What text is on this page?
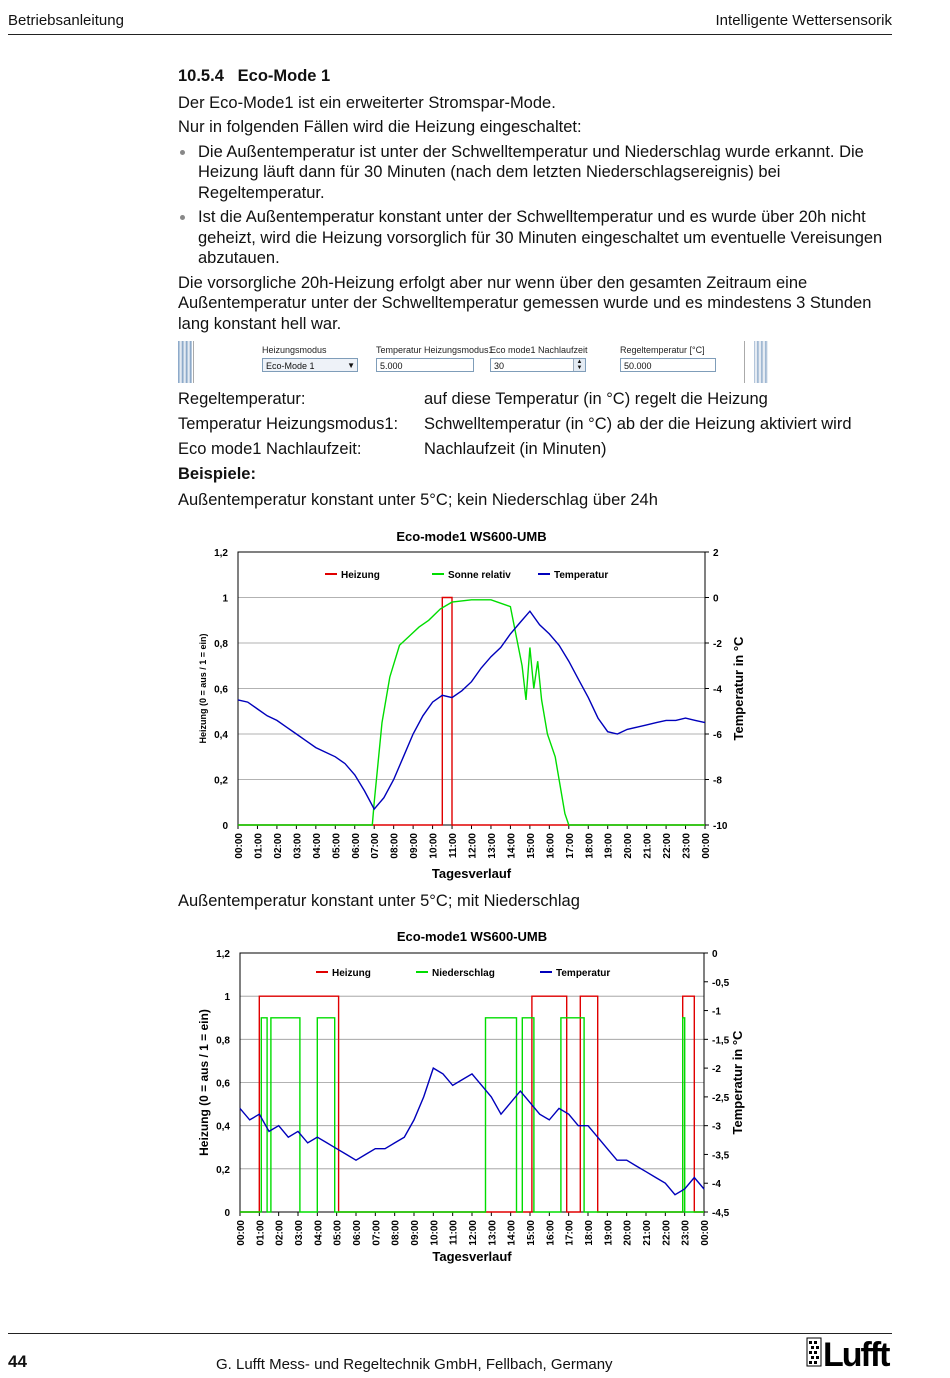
Betriebsanleitung	Intelligente Wettersensorik

10.5.4 Eco-Mode 1

Der Eco-Mode1 ist ein erweiterter Stromspar-Mode.

Nur in folgenden Fällen wird die Heizung eingeschaltet:

Die Außentemperatur ist unter der Schwelltemperatur und Niederschlag wurde erkannt. Die Heizung läuft dann für 30 Minuten (nach dem letzten Niederschlagsereignis) bei Regeltemperatur.
Ist die Außentemperatur konstant unter der Schwelltemperatur und es wurde über 20h nicht geheizt, wird die Heizung vorsorglich für 30 Minuten eingeschaltet um eventuelle Vereisungen abzutauen.

Die vorsorgliche 20h-Heizung erfolgt aber nur wenn über den gesamten Zeitraum eine Außentemperatur unter der Schwelltemperatur gemessen wurde und es mindestens 3 Stunden lang konstant hell war.

Heizungsmodus
Eco-Mode 1	▼
Temperatur Heizungsmodus1
5.000
Eco mode1 Nachlaufzeit
30	▲
▼
Regeltemperatur [°C]
50.000
Regeltemperatur:	auf diese Temperatur (in °C) regelt die Heizung
Temperatur Heizungsmodus1: Schwelltemperatur (in °C) ab der die Heizung aktiviert wird
Eco mode1 Nachlaufzeit:	Nachlaufzeit (in Minuten)
Beispiele:
Außentemperatur konstant unter 5°C; kein Niederschlag über 24h
Eco-mode1 WS600-UMB
0
0,2
0,4
0,6
0,8
1
1,2
-10
-8
-6
-4
-2
0
2
00:00 01:00 02:00 03:00 04:00 05:00 06:00 07:00 08:00 09:00 10:00 11:00 12:00 13:00 14:00 15:00 16:00 17:00 18:00 19:00 20:00 21:00 22:00 23:00 00:00
Tagesverlauf
Heizung (0 = aus / 1 = ein)	Temperatur in °C
Heizung	Sonne relativ	Temperatur
Außentemperatur konstant unter 5°C; mit Niederschlag
Eco-mode1 WS600-UMB
0
0,2
0,4
0,6
0,8
1
1,2
-4,5
-4
-3,5
-3
-2,5
-2
-1,5
-1
-0,5
0
00:00 01:00 02:00 03:00 04:00 05:00 06:00 07:00 08:00 09:00 10:00 11:00 12:00 13:00 14:00 15:00 16:00 17:00 18:00 19:00 20:00 21:00 22:00 23:00 00:00
Tagesverlauf
Heizung (0 = aus / 1 = ein)	Temperatur in °C
Heizung	Niederschlag	Temperatur
44	G. Lufft Mess- und Regeltechnik GmbH, Fellbach, Germany	Lufft
